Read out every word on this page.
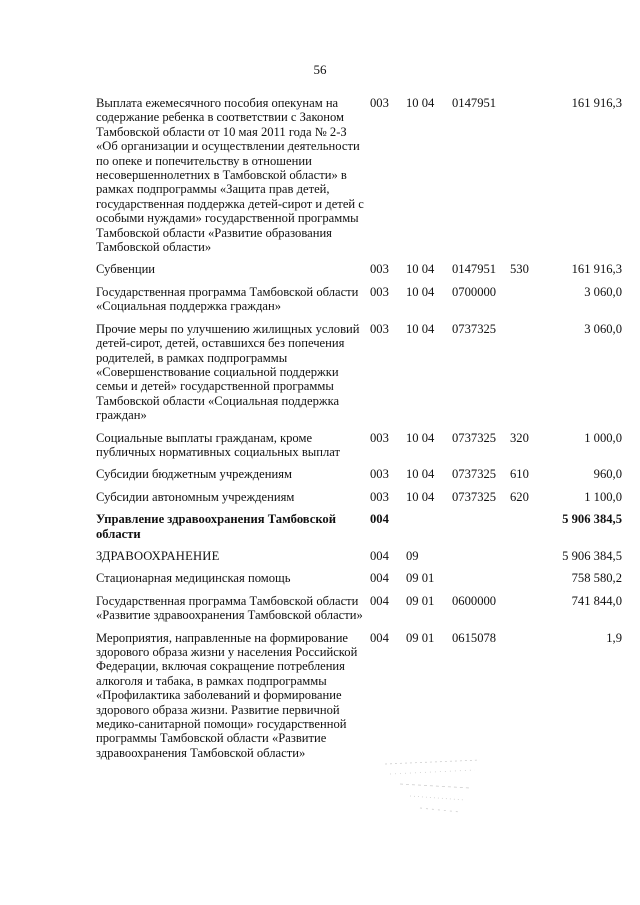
56
Выплата ежемесячного пособия опекунам на содержание ребенка в соответствии с Законом Тамбовской области от 10 мая 2011 года № 2-З «Об организации и осуществлении деятельности по опеке и попечительству в отношении несовершеннолетних в Тамбовской области» в рамках подпрограммы «Защита прав детей, государственная поддержка детей-сирот и детей с особыми нуждами» государственной программы Тамбовской области «Развитие образования Тамбовской области»	003	10 04	0147951		161 916,3
Субвенции	003	10 04	0147951	530	161 916,3
Государственная программа Тамбовской области «Социальная поддержка граждан»	003	10 04	0700000		3 060,0
Прочие меры по улучшению жилищных условий детей-сирот, детей, оставшихся без попечения родителей, в рамках подпрограммы «Совершенствование социальной поддержки семьи и детей» государственной программы Тамбовской области «Социальная поддержка граждан»	003	10 04	0737325		3 060,0
Социальные выплаты гражданам, кроме публичных нормативных социальных выплат	003	10 04	0737325	320	1 000,0
Субсидии бюджетным учреждениям	003	10 04	0737325	610	960,0
Субсидии автономным учреждениям	003	10 04	0737325	620	1 100,0
Управление здравоохранения Тамбовской области	004				5 906 384,5
ЗДРАВООХРАНЕНИЕ	004	09			5 906 384,5
Стационарная медицинская помощь	004	09 01			758 580,2
Государственная программа Тамбовской области «Развитие здравоохранения Тамбовской области»	004	09 01	0600000		741 844,0
Мероприятия, направленные на формирование здорового образа жизни у населения Российской Федерации, включая сокращение потребления алкоголя и табака, в рамках подпрограммы «Профилактика заболеваний и формирование здорового образа жизни. Развитие первичной медико-санитарной помощи» государственной программы Тамбовской области «Развитие здравоохранения Тамбовской области»	004	09 01	0615078		1,9
